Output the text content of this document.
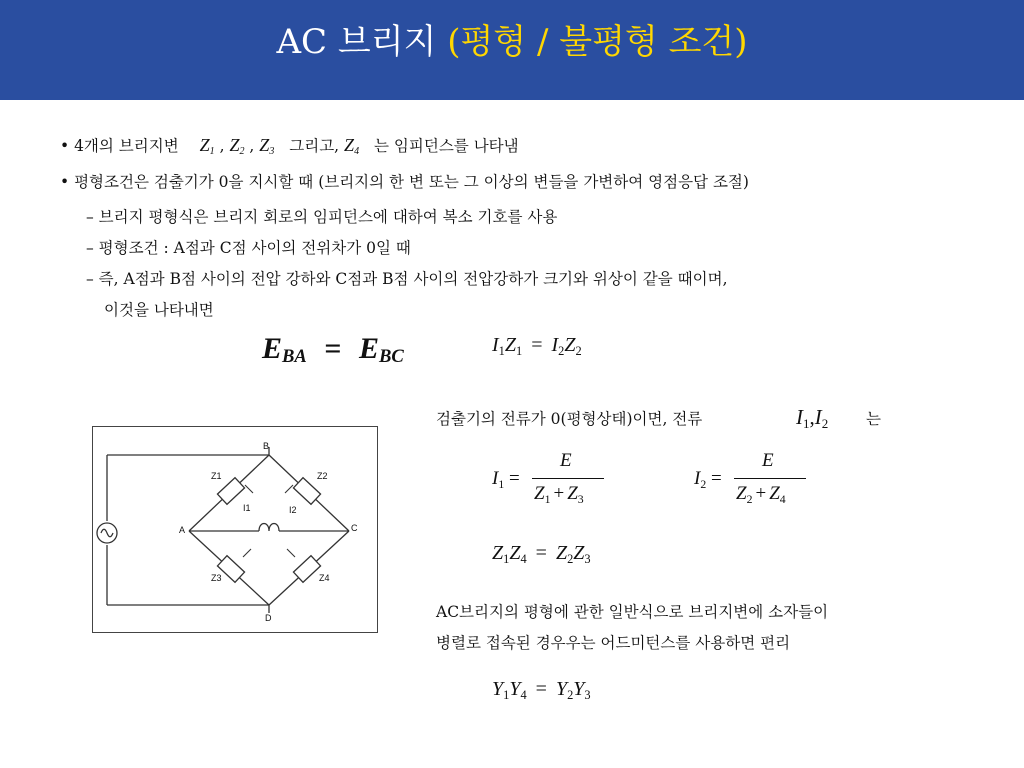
AC 브리지 (평형 / 불평형 조건)
• 4개의 브리지변 $Z_1$ , $Z_2$ , $Z_3$ 그리고, $Z_4$ 는 임피던스를 나타냄
• 평형조건은 검출기가 0을 지시할 때 (브리지의 한 변 또는 그 이상의 변들을 가변하여 영점응답 조절)
– 브리지 평형식은 브리지 회로의 임피던스에 대하여 복소 기호를 사용
– 평형조건 : A점과 C점 사이의 전위차가 0일 때
– 즉, A점과 B점 사이의 전압 강하와 C점과 B점 사이의 전압강하가 크기와 위상이 같을 때이며,
이것을 나타내면
$E_{BA} = E_{BC}$
$I_1Z_1 = I_2Z_2$
검출기의 전류가 0(평형상태)이면, 전류	$I_1,I_2$ 는
$I_1$ =
E
$Z_1 + Z_3$
$I_2$ =
E
$Z_2 + Z_4$
$Z_1Z_4 = Z_2Z_3$
AC브리지의 평형에 관한 일반식으로 브리지변에 소자들이
병렬로 접속된 경우우는 어드미턴스를 사용하면 편리
$Y_1Y_4 = Y_2Y_3$
B
A	C
D
Z1	Z2
Z3	Z4
I1	I2
